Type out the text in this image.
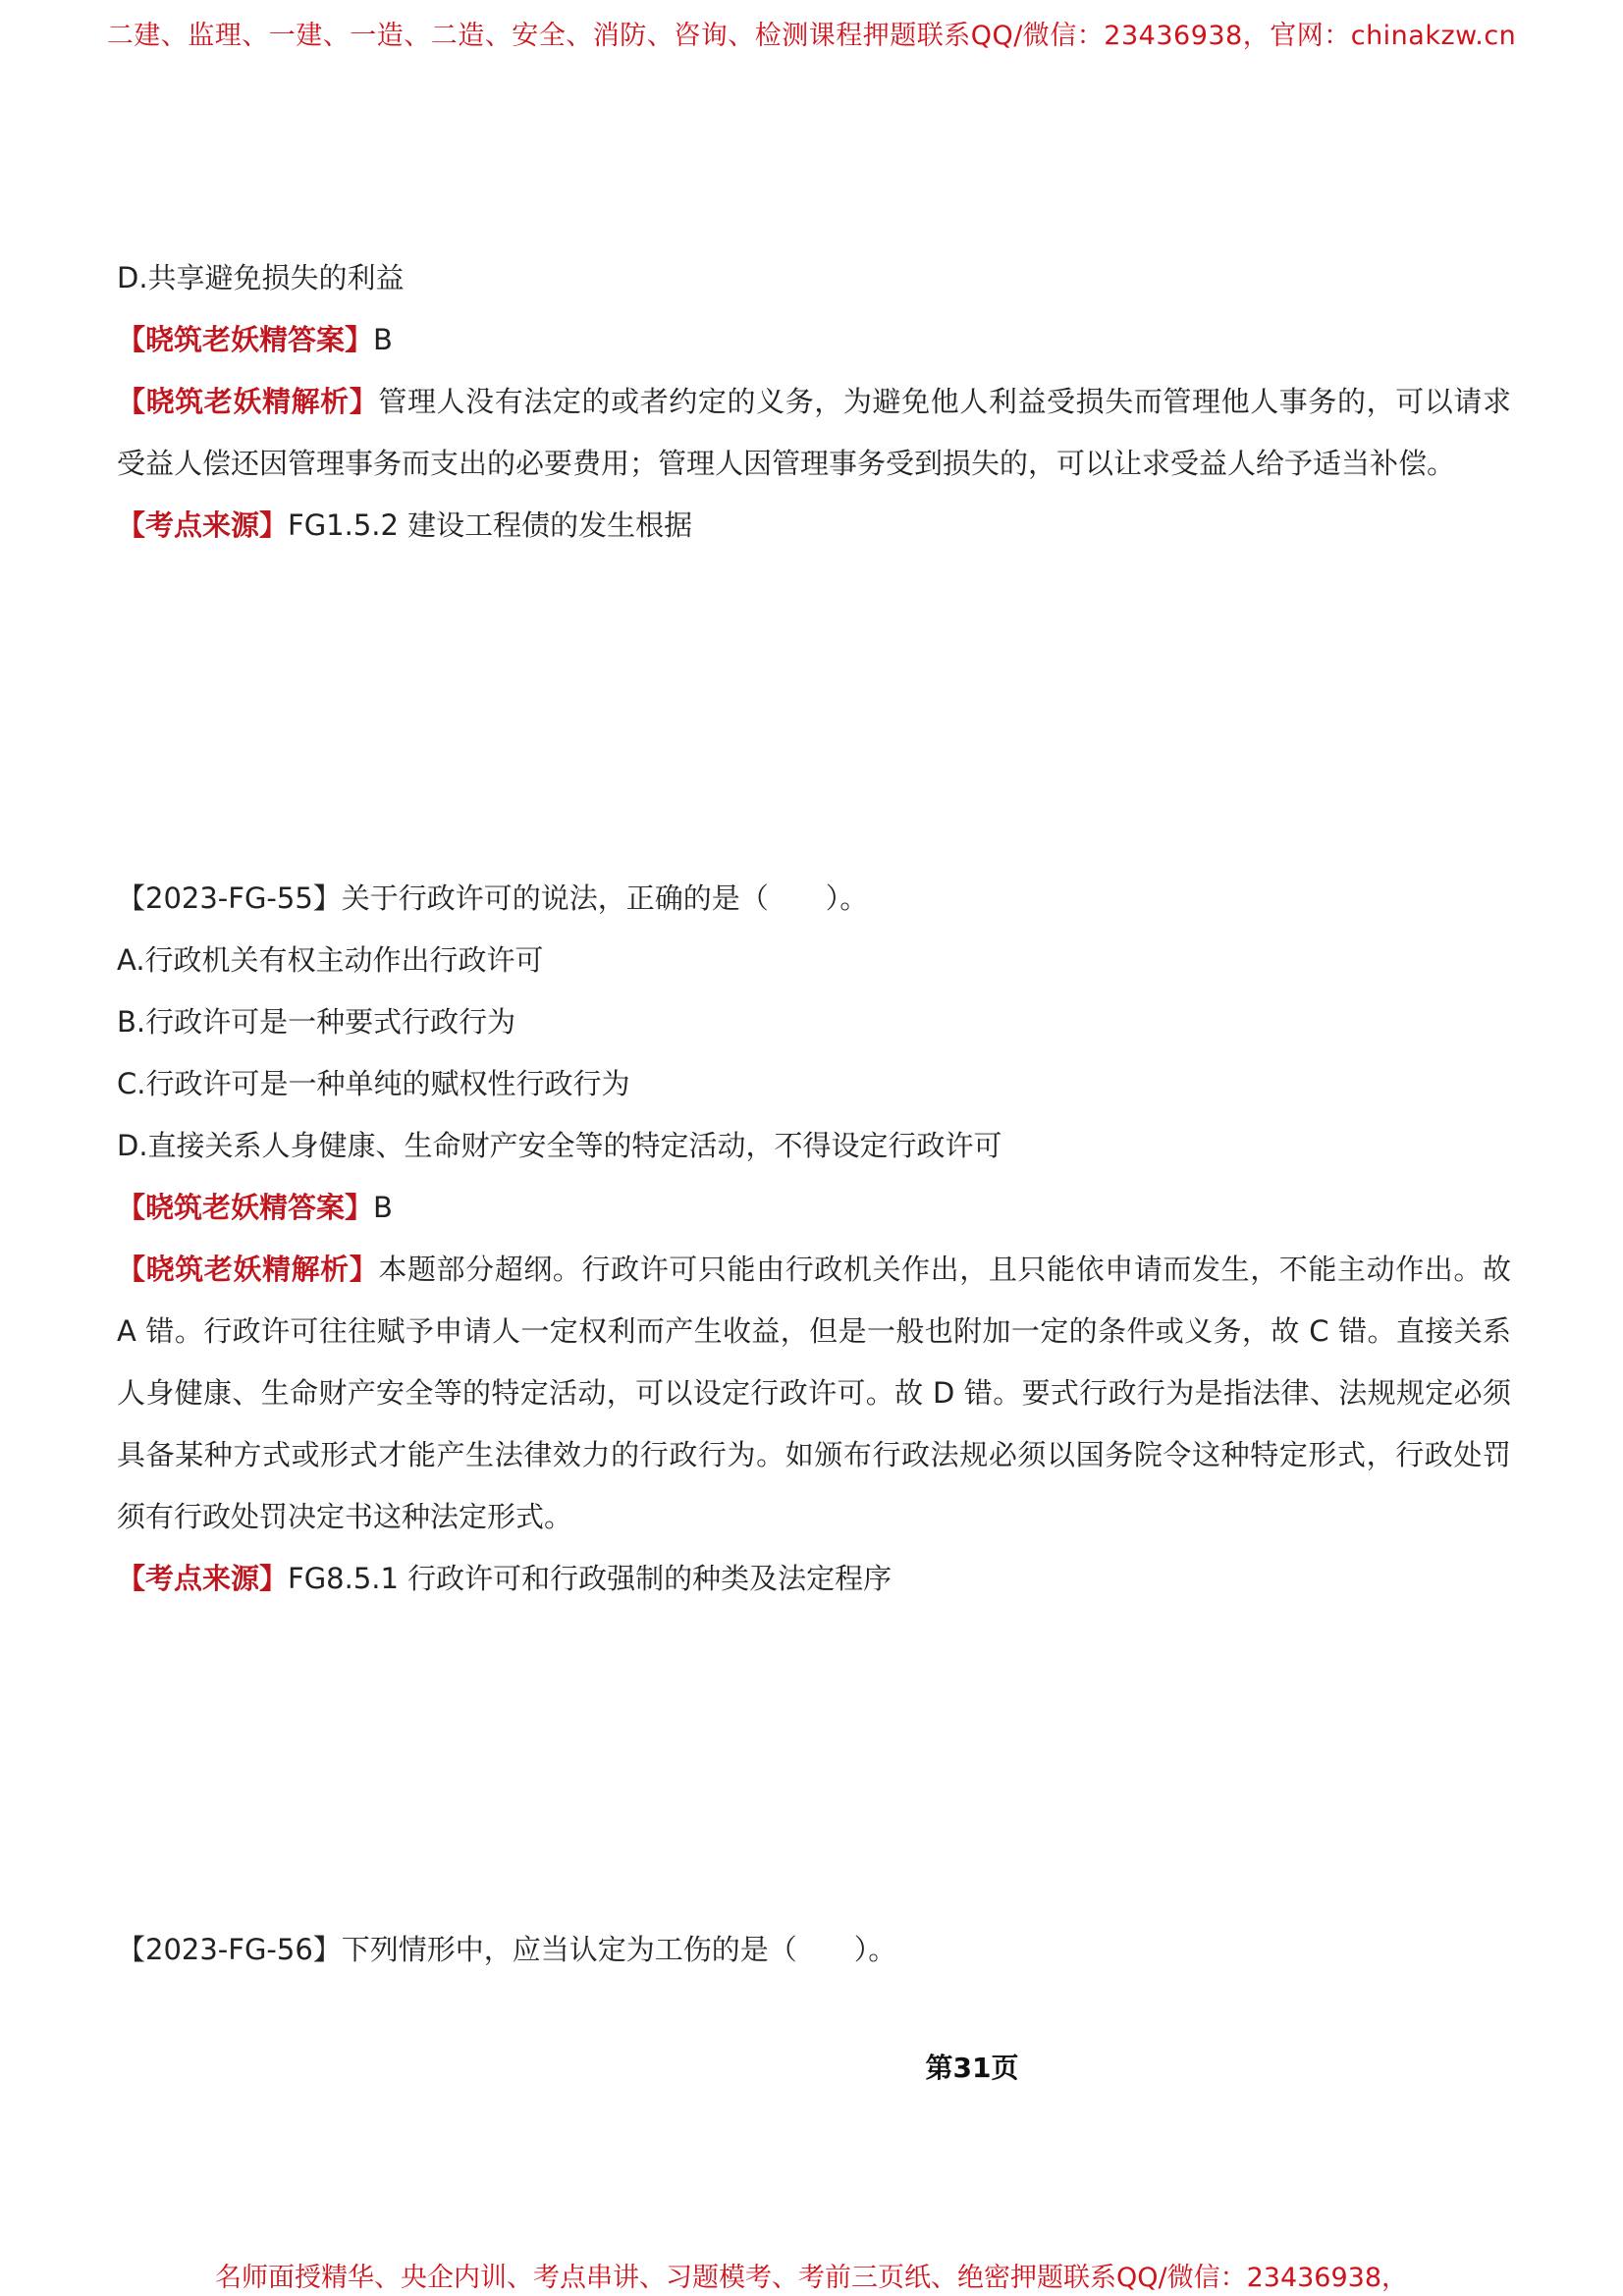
二建、监理、一建、一造、二造、安全、消防、咨询、检测课程押题联系QQ/微信：23436938，官网：chinakzw.cn
D.共享避免损失的利益
【晓筑老妖精答案】B
【晓筑老妖精解析】管理人没有法定的或者约定的义务，为避免他人利益受损失而管理他人事务的，可以请求受益人偿还因管理事务而支出的必要费用；管理人因管理事务受到损失的，可以让求受益人给予适当补偿。
【考点来源】FG1.5.2 建设工程债的发生根据
【2023-FG-55】关于行政许可的说法，正确的是（　　）。
A.行政机关有权主动作出行政许可
B.行政许可是一种要式行政行为
C.行政许可是一种单纯的赋权性行政行为
D.直接关系人身健康、生命财产安全等的特定活动，不得设定行政许可
【晓筑老妖精答案】B
【晓筑老妖精解析】本题部分超纲。行政许可只能由行政机关作出，且只能依申请而发生，不能主动作出。故 A 错。行政许可往往赋予申请人一定权利而产生收益，但是一般也附加一定的条件或义务，故 C 错。直接关系人身健康、生命财产安全等的特定活动，可以设定行政许可。故 D 错。要式行政行为是指法律、法规规定必须具备某种方式或形式才能产生法律效力的行政行为。如颁布行政法规必须以国务院令这种特定形式，行政处罚须有行政处罚决定书这种法定形式。
【考点来源】FG8.5.1 行政许可和行政强制的种类及法定程序
【2023-FG-56】下列情形中，应当认定为工伤的是（　　）。
第31页
名师面授精华、央企内训、考点串讲、习题模考、考前三页纸、绝密押题联系QQ/微信：23436938，
